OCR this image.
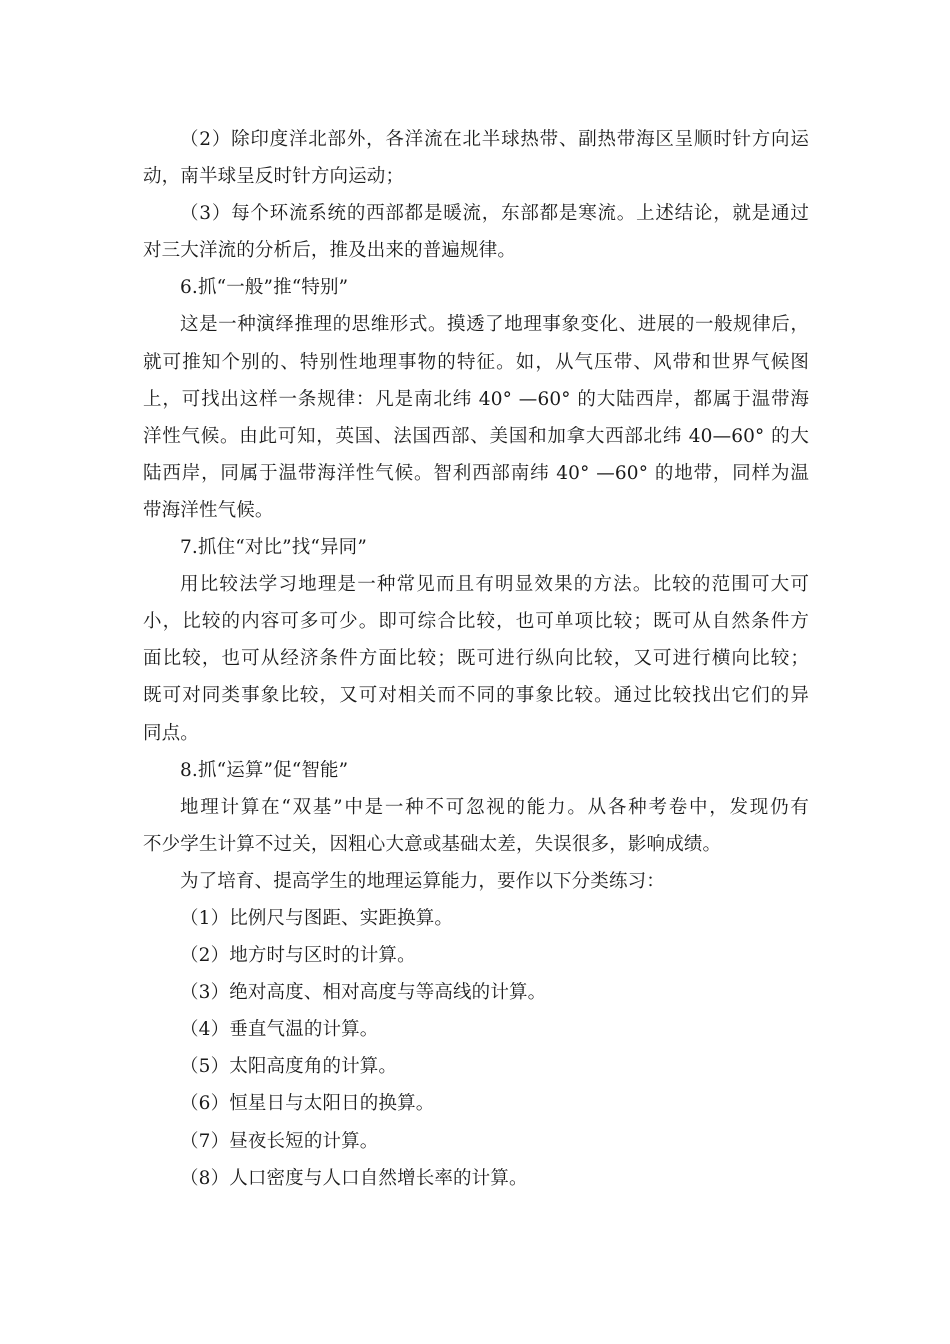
（2）除印度洋北部外，各洋流在北半球热带、副热带海区呈顺时针方向运
动，南半球呈反时针方向运动；
（3）每个环流系统的西部都是暖流，东部都是寒流。上述结论，就是通过
对三大洋流的分析后，推及出来的普遍规律。
6.抓“一般”推“特别”
这是一种演绎推理的思维形式。摸透了地理事象变化、进展的一般规律后，
就可推知个别的、特别性地理事物的特征。如，从气压带、风带和世界气候图
上，可找出这样一条规律：凡是南北纬 40° —60° 的大陆西岸，都属于温带海
洋性气候。由此可知，英国、法国西部、美国和加拿大西部北纬 40—60° 的大
陆西岸，同属于温带海洋性气候。智利西部南纬 40° —60° 的地带，同样为温
带海洋性气候。
7.抓住“对比”找“异同”
用比较法学习地理是一种常见而且有明显效果的方法。比较的范围可大可
小，比较的内容可多可少。即可综合比较，也可单项比较；既可从自然条件方
面比较，也可从经济条件方面比较；既可进行纵向比较，又可进行横向比较；
既可对同类事象比较，又可对相关而不同的事象比较。通过比较找出它们的异
同点。
8.抓“运算”促“智能”
地理计算在“双基”中是一种不可忽视的能力。从各种考卷中，发现仍有
不少学生计算不过关，因粗心大意或基础太差，失误很多，影响成绩。
为了培育、提高学生的地理运算能力，要作以下分类练习：
（1）比例尺与图距、实距换算。
（2）地方时与区时的计算。
（3）绝对高度、相对高度与等高线的计算。
（4）垂直气温的计算。
（5）太阳高度角的计算。
（6）恒星日与太阳日的换算。
（7）昼夜长短的计算。
（8）人口密度与人口自然增长率的计算。
